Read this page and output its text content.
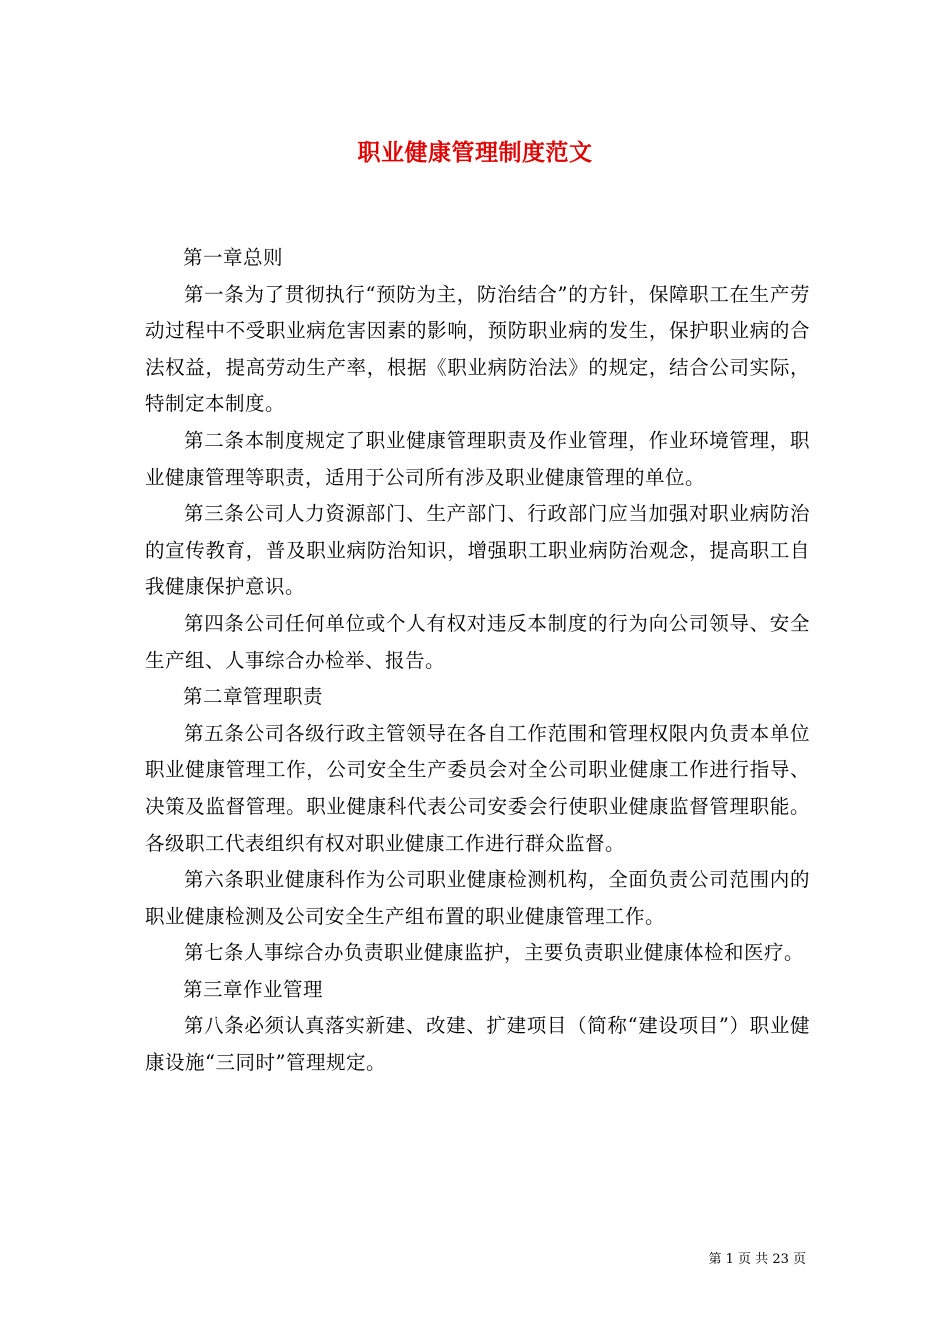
职业健康管理制度范文

第一章总则

第一条为了贯彻执行“预防为主，防治结合”的方针，保障职工在生产劳动过程中不受职业病危害因素的影响，预防职业病的发生，保护职业病的合法权益，提高劳动生产率，根据《职业病防治法》的规定，结合公司实际，特制定本制度。

第二条本制度规定了职业健康管理职责及作业管理，作业环境管理，职业健康管理等职责，适用于公司所有涉及职业健康管理的单位。

第三条公司人力资源部门、生产部门、行政部门应当加强对职业病防治的宣传教育，普及职业病防治知识，增强职工职业病防治观念，提高职工自我健康保护意识。

第四条公司任何单位或个人有权对违反本制度的行为向公司领导、安全生产组、人事综合办检举、报告。

第二章管理职责

第五条公司各级行政主管领导在各自工作范围和管理权限内负责本单位职业健康管理工作，公司安全生产委员会对全公司职业健康工作进行指导、决策及监督管理。职业健康科代表公司安委会行使职业健康监督管理职能。各级职工代表组织有权对职业健康工作进行群众监督。

第六条职业健康科作为公司职业健康检测机构，全面负责公司范围内的职业健康检测及公司安全生产组布置的职业健康管理工作。

第七条人事综合办负责职业健康监护，主要负责职业健康体检和医疗。

第三章作业管理

第八条必须认真落实新建、改建、扩建项目（简称“建设项目”）职业健康设施“三同时”管理规定。

第 1 页 共 23 页
